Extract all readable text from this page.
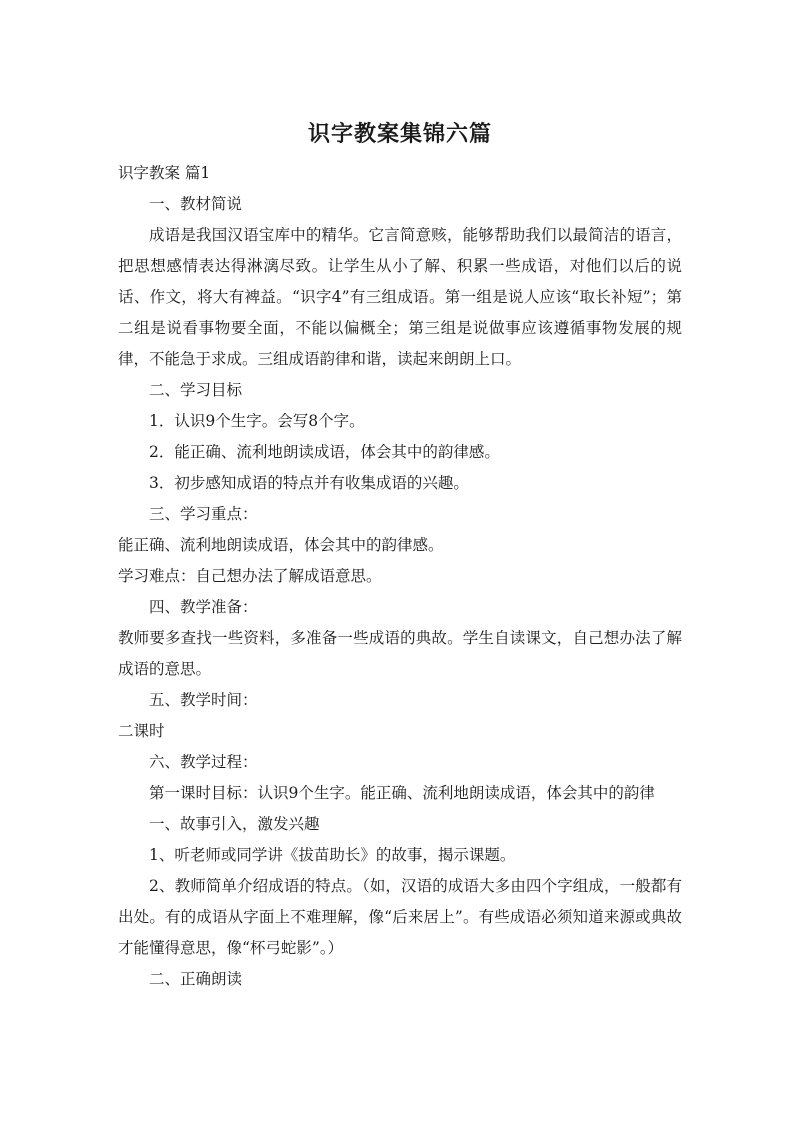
识字教案集锦六篇

识字教案 篇1

一、教材简说

成语是我国汉语宝库中的精华。它言简意赅，能够帮助我们以最简洁的语言，把思想感情表达得淋漓尽致。让学生从小了解、积累一些成语，对他们以后的说话、作文，将大有裨益。“识字4”有三组成语。第一组是说人应该“取长补短”；第二组是说看事物要全面，不能以偏概全；第三组是说做事应该遵循事物发展的规律，不能急于求成。三组成语韵律和谐，读起来朗朗上口。

二、学习目标

1．认识9个生字。会写8个字。

2．能正确、流利地朗读成语，体会其中的韵律感。

3．初步感知成语的特点并有收集成语的兴趣。

三、学习重点：

能正确、流利地朗读成语，体会其中的韵律感。

学习难点：自己想办法了解成语意思。

四、教学准备：

教师要多查找一些资料，多准备一些成语的典故。学生自读课文，自己想办法了解成语的意思。

五、教学时间：

二课时

六、教学过程：

第一课时目标：认识9个生字。能正确、流利地朗读成语，体会其中的韵律

一、故事引入，激发兴趣

1、听老师或同学讲《拔苗助长》的故事，揭示课题。

2、教师简单介绍成语的特点。（如，汉语的成语大多由四个字组成，一般都有出处。有的成语从字面上不难理解，像“后来居上”。有些成语必须知道来源或典故才能懂得意思，像“杯弓蛇影”。）

二、正确朗读
